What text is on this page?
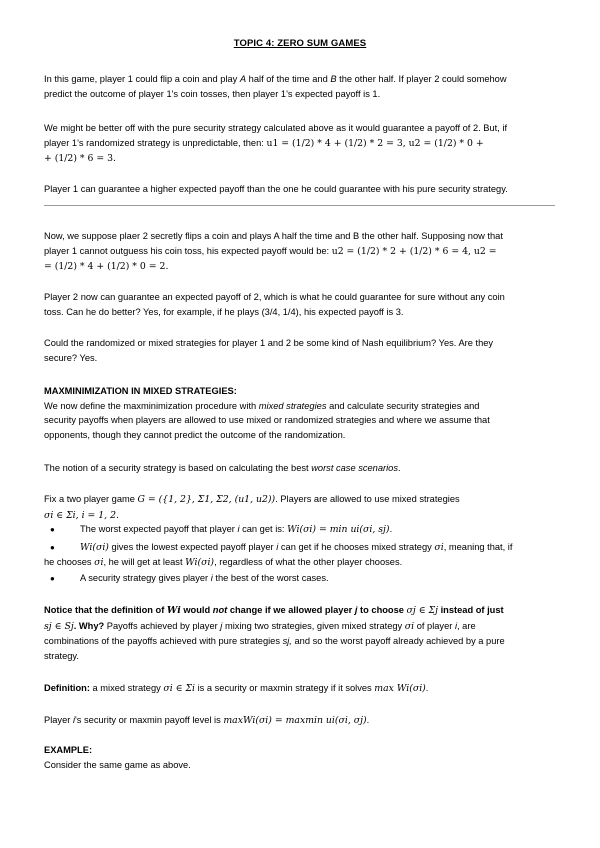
TOPIC 4: ZERO SUM GAMES
In this game, player 1 could flip a coin and play A half of the time and B the other half. If player 2 could somehow
predict the outcome of player 1's coin tosses, then player 1's expected payoff is 1.
We might be better off with the pure security strategy calculated above as it would guarantee a payoff of 2. But, if
player 1's randomized strategy is unpredictable, then: u1 = (1/2) * 4 + (1/2) * 2 = 3, u2 = (1/2) * 0 +
+ (1/2) * 6 = 3.
Player 1 can guarantee a higher expected payoff than the one he could guarantee with his pure security strategy.
Now, we suppose plaer 2 secretly flips a coin and plays A half the time and B the other half. Supposing now that
player 1 cannot outguess his coin toss, his expected payoff would be: u2 = (1/2) * 2 + (1/2) * 6 = 4, u2 =
= (1/2) * 4 + (1/2) * 0 = 2.
Player 2 now can guarantee an expected payoff of 2, which is what he could guarantee for sure without any coin
toss. Can he do better? Yes, for example, if he plays (3/4, 1/4), his expected payoff is 3.
Could the randomized or mixed strategies for player 1 and 2 be some kind of Nash equilibrium? Yes. Are they
secure? Yes.
MAXMINIMIZATION IN MIXED STRATEGIES:
We now define the maxminimization procedure with mixed strategies and calculate security strategies and
security payoffs when players are allowed to use mixed or randomized strategies and where we assume that
opponents, though they cannot predict the outcome of the randomization.
The notion of a security strategy is based on calculating the best worst case scenarios.
Fix a two player game G = ({1, 2}, Σ1, Σ2, (u1, u2)). Players are allowed to use mixed strategies
σi ∈ Σi, i = 1, 2.
●	The worst expected payoff that player i can get is: Wi(σi) = min ui(σi, sj).
●	Wi(σi) gives the lowest expected payoff player i can get if he chooses mixed strategy σi, meaning that, if
he chooses σi, he will get at least Wi(σi), regardless of what the other player chooses.
●	A security strategy gives player i the best of the worst cases.
Notice that the definition of Wi would not change if we allowed player j to choose σj ∈ Σj instead of just
sj ∈ Sj. Why? Payoffs achieved by player j mixing two strategies, given mixed strategy σi of player i, are
combinations of the payoffs achieved with pure strategies sj, and so the worst payoff already achieved by a pure
strategy.
Definition: a mixed strategy σi ∈ Σi is a security or maxmin strategy if it solves max Wi(σi).
Player i's security or maxmin payoff level is maxWi(σi) = maxmin ui(σi, σj).
EXAMPLE:
Consider the same game as above.
